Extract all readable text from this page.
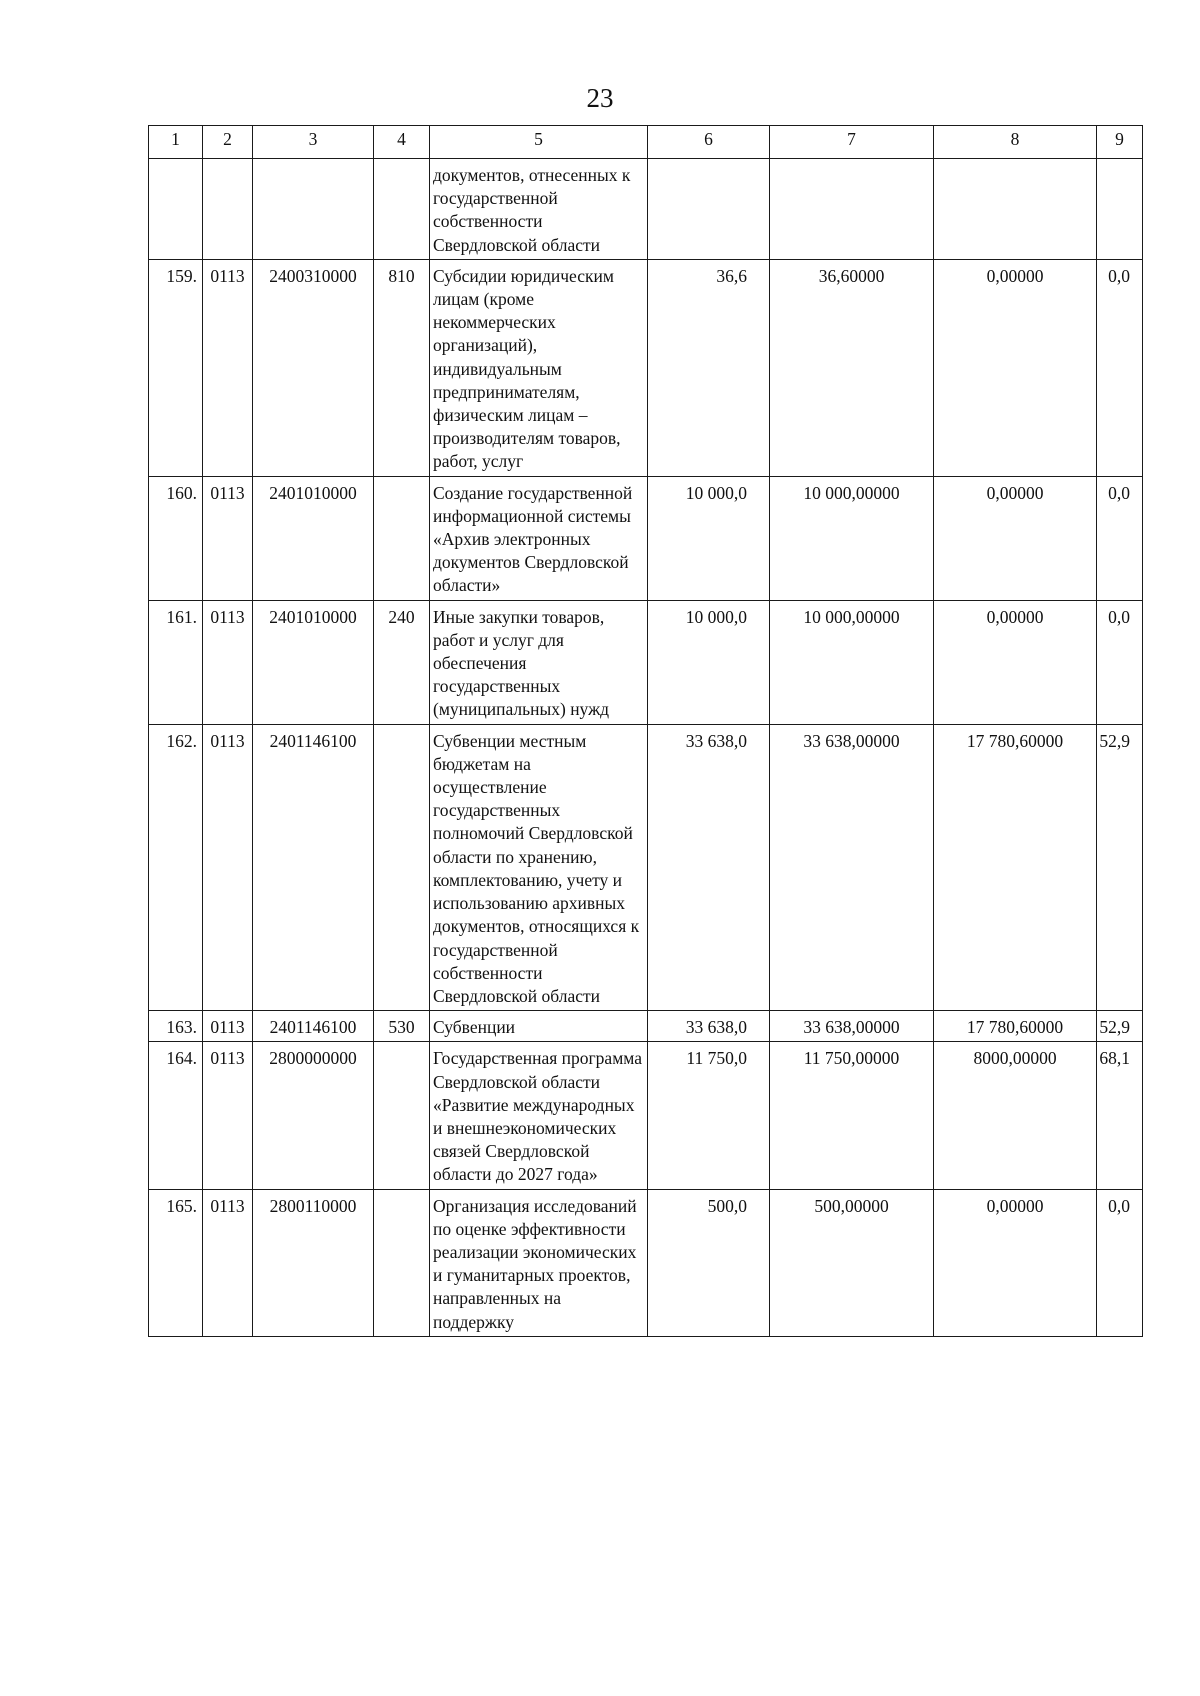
23
1	2	3	4	5	6	7	8	9
				документов, отнесенных к государственной собственности Свердловской области				
159.	0113	2400310000	810	Субсидии юридическим лицам (кроме некоммерческих организаций), индивидуальным предпринимателям, физическим лицам – производителям товаров, работ, услуг	36,6	36,60000	0,00000	0,0
160.	0113	2401010000		Создание государственной информационной системы «Архив электронных документов Свердловской области»	10 000,0	10 000,00000	0,00000	0,0
161.	0113	2401010000	240	Иные закупки товаров, работ и услуг для обеспечения государственных (муниципальных) нужд	10 000,0	10 000,00000	0,00000	0,0
162.	0113	2401146100		Субвенции местным бюджетам на осуществление государственных полномочий Свердловской области по хранению, комплектованию, учету и использованию архивных документов, относящихся к государственной собственности Свердловской области	33 638,0	33 638,00000	17 780,60000	52,9
163.	0113	2401146100	530	Субвенции	33 638,0	33 638,00000	17 780,60000	52,9
164.	0113	2800000000		Государственная программа Свердловской области «Развитие международных и внешнеэкономических связей Свердловской области до 2027 года»	11 750,0	11 750,00000	8000,00000	68,1
165.	0113	2800110000		Организация исследований по оценке эффективности реализации экономических и гуманитарных проектов, направленных на поддержку	500,0	500,00000	0,00000	0,0
